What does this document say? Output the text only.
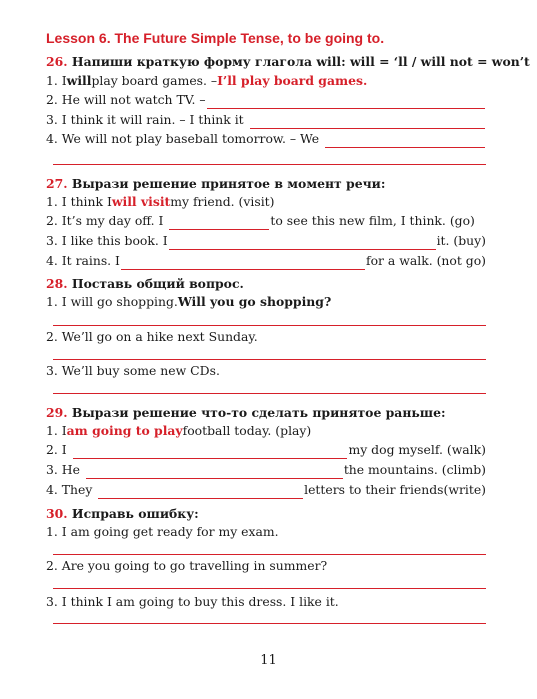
Lesson 6. The Future Simple Tense, to be going to.
26. Напиши краткую форму глагола will: will = ‘ll / will not = won’t
1. I will play board games. – I’ll play board games.
2. He will not watch TV. –
3. I think it will rain. – I think it
4. We will not play baseball tomorrow. – We
27. Вырази решение принятое в момент речи:
1. I think I will visit my friend. (visit)
2. It’s my day off. I	to see this new film, I think. (go)
3. I like this book. I	it. (buy)
4. It rains. I	for a walk. (not go)
28. Поставь общий вопрос.
1. I will go shopping. Will you go shopping?
2. We’ll go on a hike next Sunday.
3. We’ll buy some new CDs.
29. Вырази решение что-то сделать принятое раньше:
1. I am going to play football today. (play)
2. I	my dog myself. (walk)
3. He	the mountains. (climb)
4. They	letters to their friends(write)
30. Исправь ошибку:
1. I am going get ready for my exam.
2. Are you going to go travelling in summer?
3. I think I am going to buy this dress. I like it.
11
